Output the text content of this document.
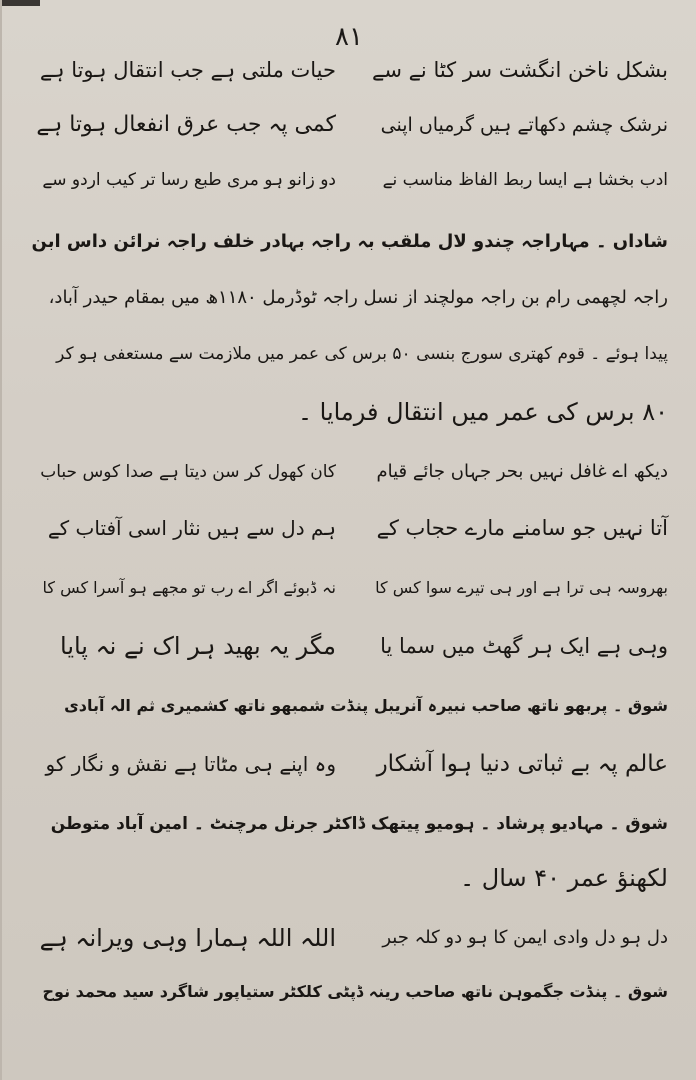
۸۱
بشکل ناخن انگشت سر کٹا نے سے
حیات ملتی ہے جب انتقال ہوتا ہے
نرشک چشم دکھاتے ہیں گرمیاں اپنی
کمی پہ جب عرق انفعال ہوتا ہے
ادب بخشا ہے ایسا ربط الفاظ مناسب نے
دو زانو ہو مری طبع رسا تر کیب اردو سے
شاداں ۔ مہاراجہ چندو لال ملقب بہ راجہ بہادر خلف راجہ نرائن داس ابن
راجہ لچھمی رام بن راجہ مولچند از نسل راجہ ٹوڈرمل ۱۱۸۰ھ میں بمقام حیدر آباد،
پیدا ہوئے ۔ قوم کھتری سورج بنسی ۵۰ برس کی عمر میں ملازمت سے مستعفی ہو کر
۸۰ برس کی عمر میں انتقال فرمایا ۔
دیکھ اے غافل نہیں بحر جہاں جائے قیام
کان کھول کر سن دیتا ہے صدا کوس حباب
آتا نہیں جو سامنے مارے حجاب کے
ہم دل سے ہیں نثار اسی آفتاب کے
بھروسہ ہی ترا ہے اور ہی تیرے سوا کس کا
نہ ڈبوئے اگر اے رب تو مجھے ہو آسرا کس کا
وہی ہے ایک ہر گھٹ میں سما یا
مگر یہ بھید ہر اک نے نہ پایا
شوق ۔ پربھو ناتھ صاحب نبیرہ آنریبل پنڈت شمبھو ناتھ کشمیری ثم الہ آبادی
عالم پہ بے ثباتی دنیا ہوا آشکار
وہ اپنے ہی مٹاتا ہے نقش و نگار کو
شوق ۔ مہادیو پرشاد ۔ ہومیو پیتھک ڈاکٹر جرنل مرچنٹ ۔ امین آباد متوطن
لکھنؤ عمر ۴۰ سال ۔
دل ہو دل وادی ایمن کا ہو دو کلہ جبر
اللہ اللہ ہمارا وہی ویرانہ ہے
شوق ۔ پنڈت جگموہن ناتھ صاحب رینہ ڈپٹی کلکٹر ستیاپور شاگرد سید محمد نوح
